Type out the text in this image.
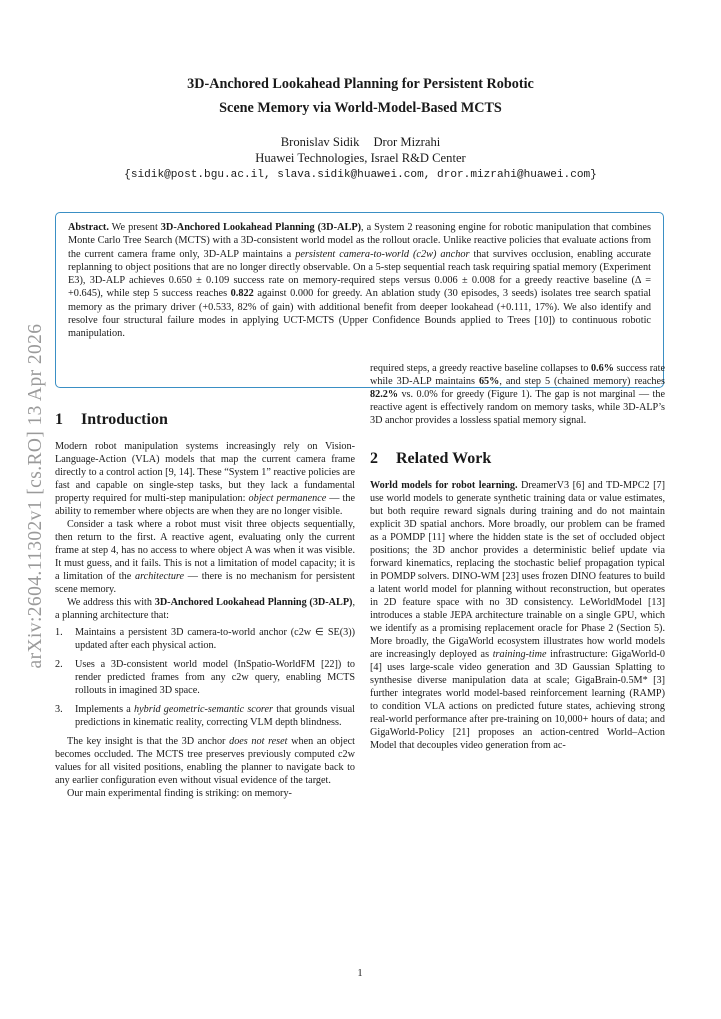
arXiv:2604.11302v1 [cs.RO] 13 Apr 2026
3D-Anchored Lookahead Planning for Persistent Robotic
Scene Memory via World-Model-Based MCTS
Bronislav Sidik Dror Mizrahi
Huawei Technologies, Israel R&D Center
{sidik@post.bgu.ac.il, slava.sidik@huawei.com, dror.mizrahi@huawei.com}
Abstract. We present 3D-Anchored Lookahead Planning (3D-ALP), a System 2 reasoning engine for robotic manipulation that combines Monte Carlo Tree Search (MCTS) with a 3D-consistent world model as the rollout oracle. Unlike reactive policies that evaluate actions from the current camera frame only, 3D-ALP maintains a persistent camera-to-world (c2w) anchor that survives occlusion, enabling accurate replanning to object positions that are no longer directly observable. On a 5-step sequential reach task requiring spatial memory (Experiment E3), 3D-ALP achieves 0.650 ± 0.109 success rate on memory-required steps versus 0.006 ± 0.008 for a greedy reactive baseline (Δ = +0.645), while step 5 success reaches 0.822 against 0.000 for greedy. An ablation study (30 episodes, 3 seeds) isolates tree search spatial memory as the primary driver (+0.533, 82% of gain) with additional benefit from deeper lookahead (+0.111, 17%). We also identify and resolve four structural failure modes in applying UCT-MCTS (Upper Confidence Bounds applied to Trees [10]) to continuous robotic manipulation.
1 Introduction

Modern robot manipulation systems increasingly rely on Vision-Language-Action (VLA) models that map the current camera frame directly to a control action [9, 14]. These “System 1” reactive policies are fast and capable on single-step tasks, but they lack a fundamental property required for multi-step manipulation: object permanence — the ability to remember where objects are when they are no longer visible.

Consider a task where a robot must visit three objects sequentially, then return to the first. A reactive agent, evaluating only the current frame at step 4, has no access to where object A was when it was visible. It must guess, and it fails. This is not a limitation of model capacity; it is a limitation of the architecture — there is no mechanism for persistent scene memory.

We address this with 3D-Anchored Lookahead Planning (3D-ALP), a planning architecture that:

1. Maintains a persistent 3D camera-to-world anchor (c2w ∈ SE(3)) updated after each physical action.
2. Uses a 3D-consistent world model (InSpatio-WorldFM [22]) to render predicted frames from any c2w query, enabling MCTS rollouts in imagined 3D space.
3. Implements a hybrid geometric-semantic scorer that grounds visual predictions in kinematic reality, correcting VLM depth blindness.

The key insight is that the 3D anchor does not reset when an object becomes occluded. The MCTS tree preserves previously computed c2w values for all visited positions, enabling the planner to navigate back to any earlier configuration even without visual evidence of the target.

Our main experimental finding is striking: on memory-

required steps, a greedy reactive baseline collapses to 0.6% success rate while 3D-ALP maintains 65%, and step 5 (chained memory) reaches 82.2% vs. 0.0% for greedy (Figure 1). The gap is not marginal — the reactive agent is effectively random on memory tasks, while 3D-ALP’s 3D anchor provides a lossless spatial memory signal.

2 Related Work

World models for robot learning. DreamerV3 [6] and TD-MPC2 [7] use world models to generate synthetic training data or value estimates, but both require reward signals during training and do not maintain explicit 3D spatial anchors. More broadly, our problem can be framed as a POMDP [11] where the hidden state is the set of occluded object positions; the 3D anchor provides a deterministic belief update via forward kinematics, replacing the stochastic belief propagation typical in POMDP solvers. DINO-WM [23] uses frozen DINO features to build a latent world model for planning without reconstruction, but operates in 2D feature space with no 3D consistency. LeWorldModel [13] introduces a stable JEPA architecture trainable on a single GPU, which we identify as a promising replacement oracle for Phase 2 (Section 5). More broadly, the GigaWorld ecosystem illustrates how world models are increasingly deployed as training-time infrastructure: GigaWorld-0 [4] uses large-scale video generation and 3D Gaussian Splatting to synthesise diverse manipulation data at scale; GigaBrain-0.5M* [3] further integrates world model-based reinforcement learning (RAMP) to condition VLA actions on predicted future states, achieving strong real-world performance after pre-training on 10,000+ hours of data; and GigaWorld-Policy [21] proposes an action-centred World–Action Model that decouples video generation from ac-

1
